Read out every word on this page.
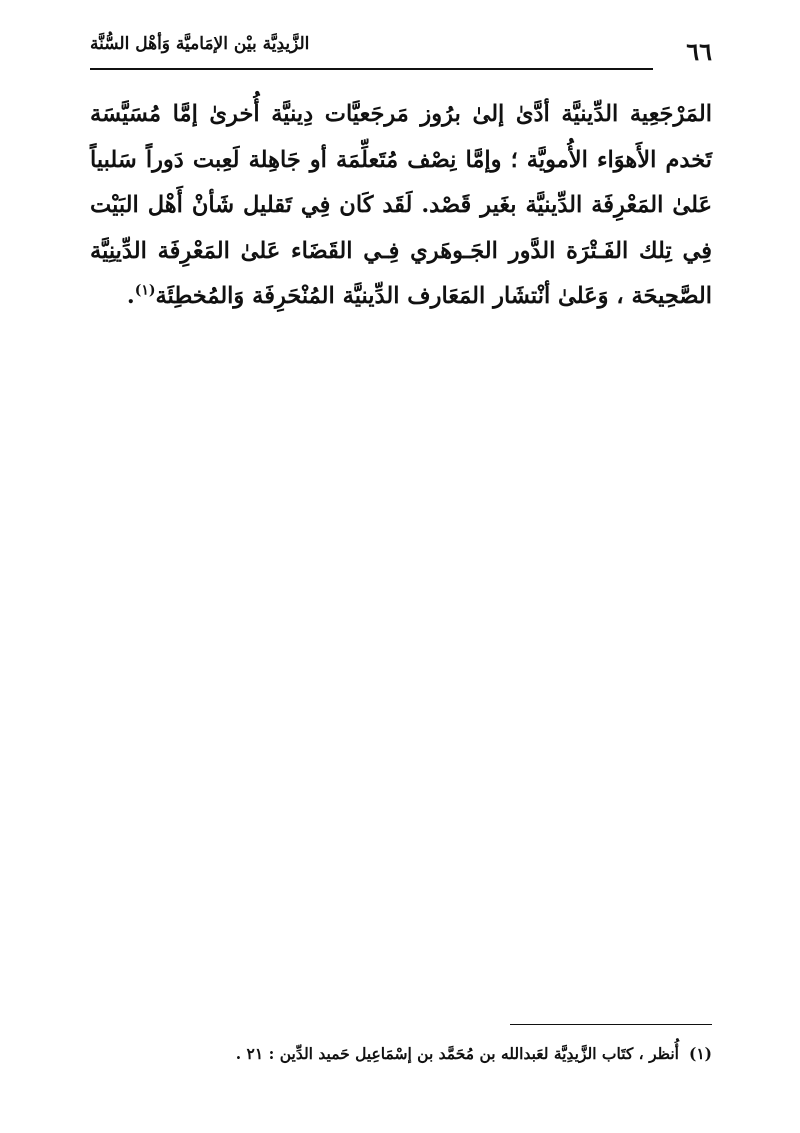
٦٦
الزَّيدِيَّة بيْن الإمَاميَّة وَأهْل السُّنَّة

المَرْجَعِية الدِّينيَّة أدَّىٰ إلىٰ برُوز مَرجَعيَّات دِينيَّة أُخرىٰ إمَّا مُسَيَّسَة تَخدم الأَهوَاء الأُمويَّة ؛ وإمَّا نِصْف مُتَعلِّمَة أو جَاهِلة لَعِبت دَوراً سَلبياً عَلىٰ المَعْرِفَة الدِّينيَّة بغَير قَصْد. لَقَد كَان فِي تَقليل شَأنْ أَهْل البَيْت فِي تِلك الفَـتْرَة الدَّور الجَـوهَري فِـي القَضَاء عَلىٰ المَعْرِفَة الدِّينِيَّة الصَّحِيحَة ، وَعَلىٰ أنْتشَار المَعَارف الدِّينيَّة المُنْحَرِفَة وَالمُخطِئَة$^{(١)}$.

(١)أُنظر ، كتَاب الزَّيدِيَّة لعَبدالله بن مُحَمَّد بن إسْمَاعِيل حَميد الدِّين : ٢١ .
